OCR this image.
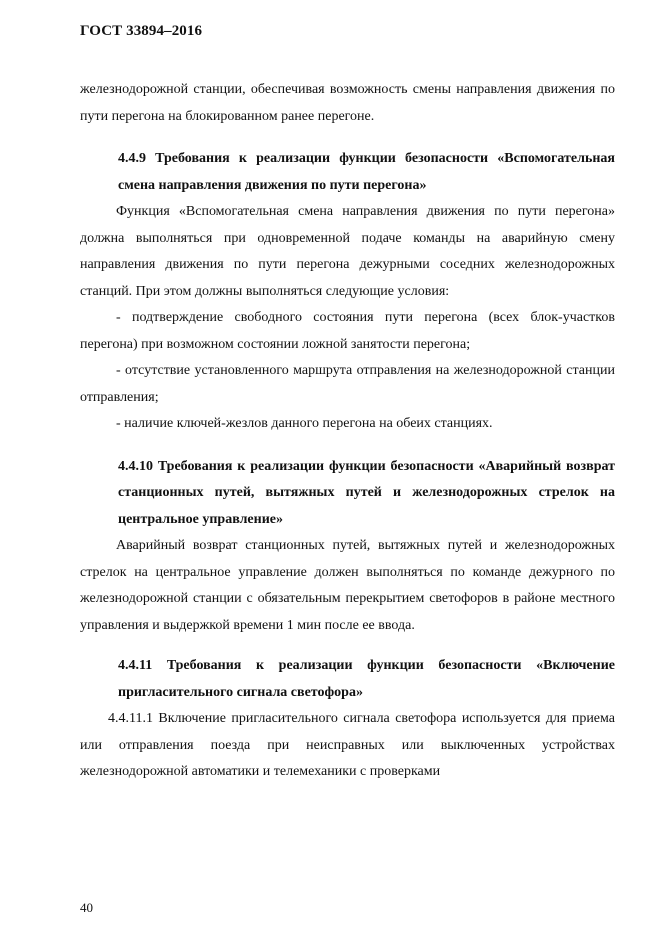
ГОСТ 33894–2016

железнодорожной станции, обеспечивая возможность смены направления движения по пути перегона на блокированном ранее перегоне.

4.4.9 Требования к реализации функции безопасности «Вспомогательная смена направления движения по пути перегона»

Функция «Вспомогательная смена направления движения по пути перегона» должна выполняться при одновременной подаче команды на аварийную смену направления движения по пути перегона дежурными соседних железнодорожных станций. При этом должны выполняться следующие условия:

- подтверждение свободного состояния пути перегона (всех блок-участков перегона) при возможном состоянии ложной занятости перегона;

- отсутствие установленного маршрута отправления на железнодорожной станции отправления;

- наличие ключей-жезлов данного перегона на обеих станциях.

4.4.10 Требования к реализации функции безопасности «Аварийный возврат станционных путей, вытяжных путей и железнодорожных стрелок на центральное управление»

Аварийный возврат станционных путей, вытяжных путей и железнодорожных стрелок на центральное управление должен выполняться по команде дежурного по железнодорожной станции с обязательным перекрытием светофоров в районе местного управления и выдержкой времени 1 мин после ее ввода.

4.4.11 Требования к реализации функции безопасности «Включение пригласительного сигнала светофора»

4.4.11.1 Включение пригласительного сигнала светофора используется для приема или отправления поезда при неисправных или выключенных устройствах железнодорожной автоматики и телемеханики с проверками

40
